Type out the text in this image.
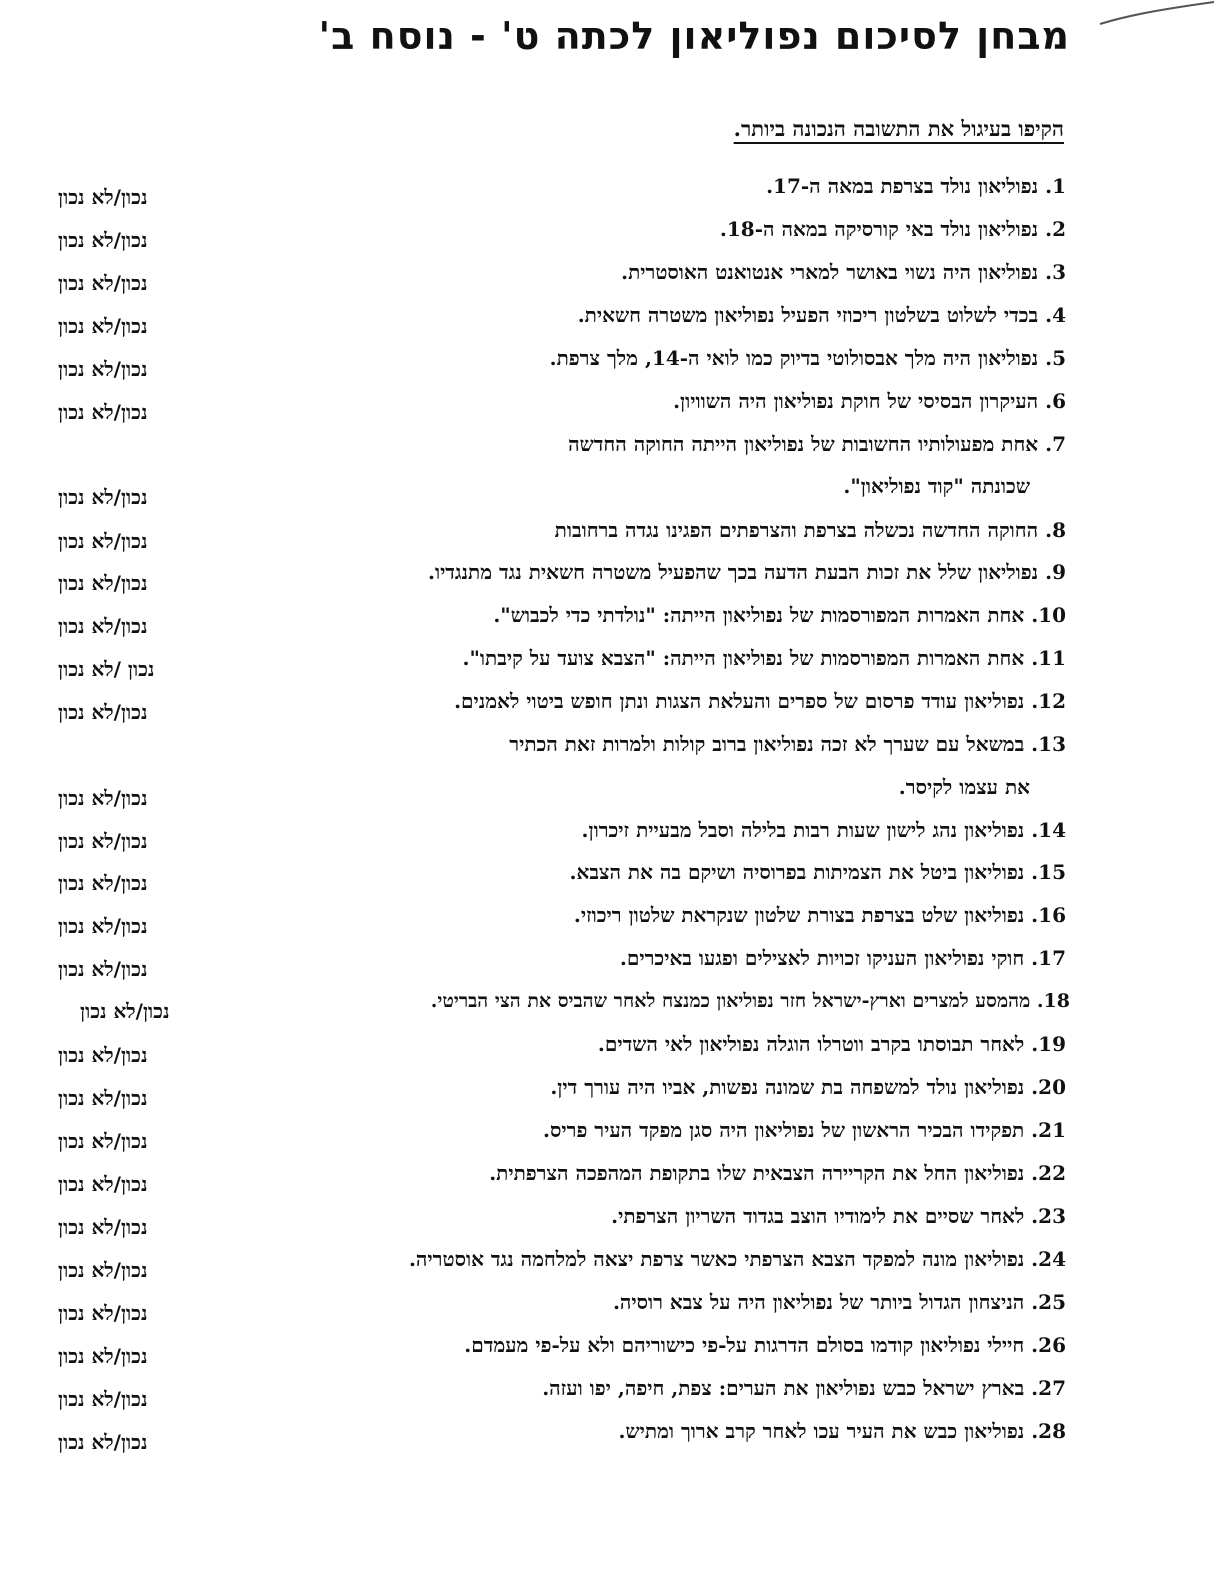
מבחן לסיכום נפוליאון לכתה ט' - נוסח ב'
הקיפו בעיגול את התשובה הנכונה ביותר.
1. נפוליאון נולד בצרפת במאה ה-17.
נכון/לא נכון
2. נפוליאון נולד באי קורסיקה במאה ה-18.
נכון/לא נכון
3. נפוליאון היה נשוי באושר למארי אנטואנט האוסטרית.
נכון/לא נכון
4. בכדי לשלוט בשלטון ריכוזי הפעיל נפוליאון משטרה חשאית.
נכון/לא נכון
5. נפוליאון היה מלך אבסולוטי בדיוק כמו לואי ה-14, מלך צרפת.
נכון/לא נכון
6. העיקרון הבסיסי של חוקת נפוליאון היה השוויון.
נכון/לא נכון
7. אחת מפעולותיו החשובות של נפוליאון הייתה החוקה החדשה
שכונתה "קוד נפוליאון".
נכון/לא נכון
8. החוקה החדשה נכשלה בצרפת והצרפתים הפגינו נגדה ברחובות
נכון/לא נכון
9. נפוליאון שלל את זכות הבעת הדעה בכך שהפעיל משטרה חשאית נגד מתנגדיו.
נכון/לא נכון
10. אחת האמרות המפורסמות של נפוליאון הייתה: "נולדתי כדי לכבוש".
נכון/לא נכון
11. אחת האמרות המפורסמות של נפוליאון הייתה: "הצבא צועד על קיבתו".
נכון /לא נכון
12. נפוליאון עודד פרסום של ספרים והעלאת הצגות ונתן חופש ביטוי לאמנים.
נכון/לא נכון
13. במשאל עם שערך לא זכה נפוליאון ברוב קולות ולמרות זאת הכתיר
את עצמו לקיסר.
נכון/לא נכון
14. נפוליאון נהג לישון שעות רבות בלילה וסבל מבעיית זיכרון.
נכון/לא נכון
15. נפוליאון ביטל את הצמיתות בפרוסיה ושיקם בה את הצבא.
נכון/לא נכון
16. נפוליאון שלט בצרפת בצורת שלטון שנקראת שלטון ריכוזי.
נכון/לא נכון
17. חוקי נפוליאון העניקו זכויות לאצילים ופגעו באיכרים.
נכון/לא נכון
18. מהמסע למצרים וארץ-ישראל חזר נפוליאון כמנצח לאחר שהביס את הצי הבריטי.
נכון/לא נכון
19. לאחר תבוסתו בקרב ווטרלו הוגלה נפוליאון לאי השדים.
נכון/לא נכון
20. נפוליאון נולד למשפחה בת שמונה נפשות, אביו היה עורך דין.
נכון/לא נכון
21. תפקידו הבכיר הראשון של נפוליאון היה סגן מפקד העיר פריס.
נכון/לא נכון
22. נפוליאון החל את הקריירה הצבאית שלו בתקופת המהפכה הצרפתית.
נכון/לא נכון
23. לאחר שסיים את לימודיו הוצב בגדוד השריון הצרפתי.
נכון/לא נכון
24. נפוליאון מונה למפקד הצבא הצרפתי כאשר צרפת יצאה למלחמה נגד אוסטריה.
נכון/לא נכון
25. הניצחון הגדול ביותר של נפוליאון היה על צבא רוסיה.
נכון/לא נכון
26. חיילי נפוליאון קודמו בסולם הדרגות על-פי כישוריהם ולא על-פי מעמדם.
נכון/לא נכון
27. בארץ ישראל כבש נפוליאון את הערים: צפת, חיפה, יפו ועזה.
נכון/לא נכון
28. נפוליאון כבש את העיר עכו לאחר קרב ארוך ומתיש.
נכון/לא נכון
